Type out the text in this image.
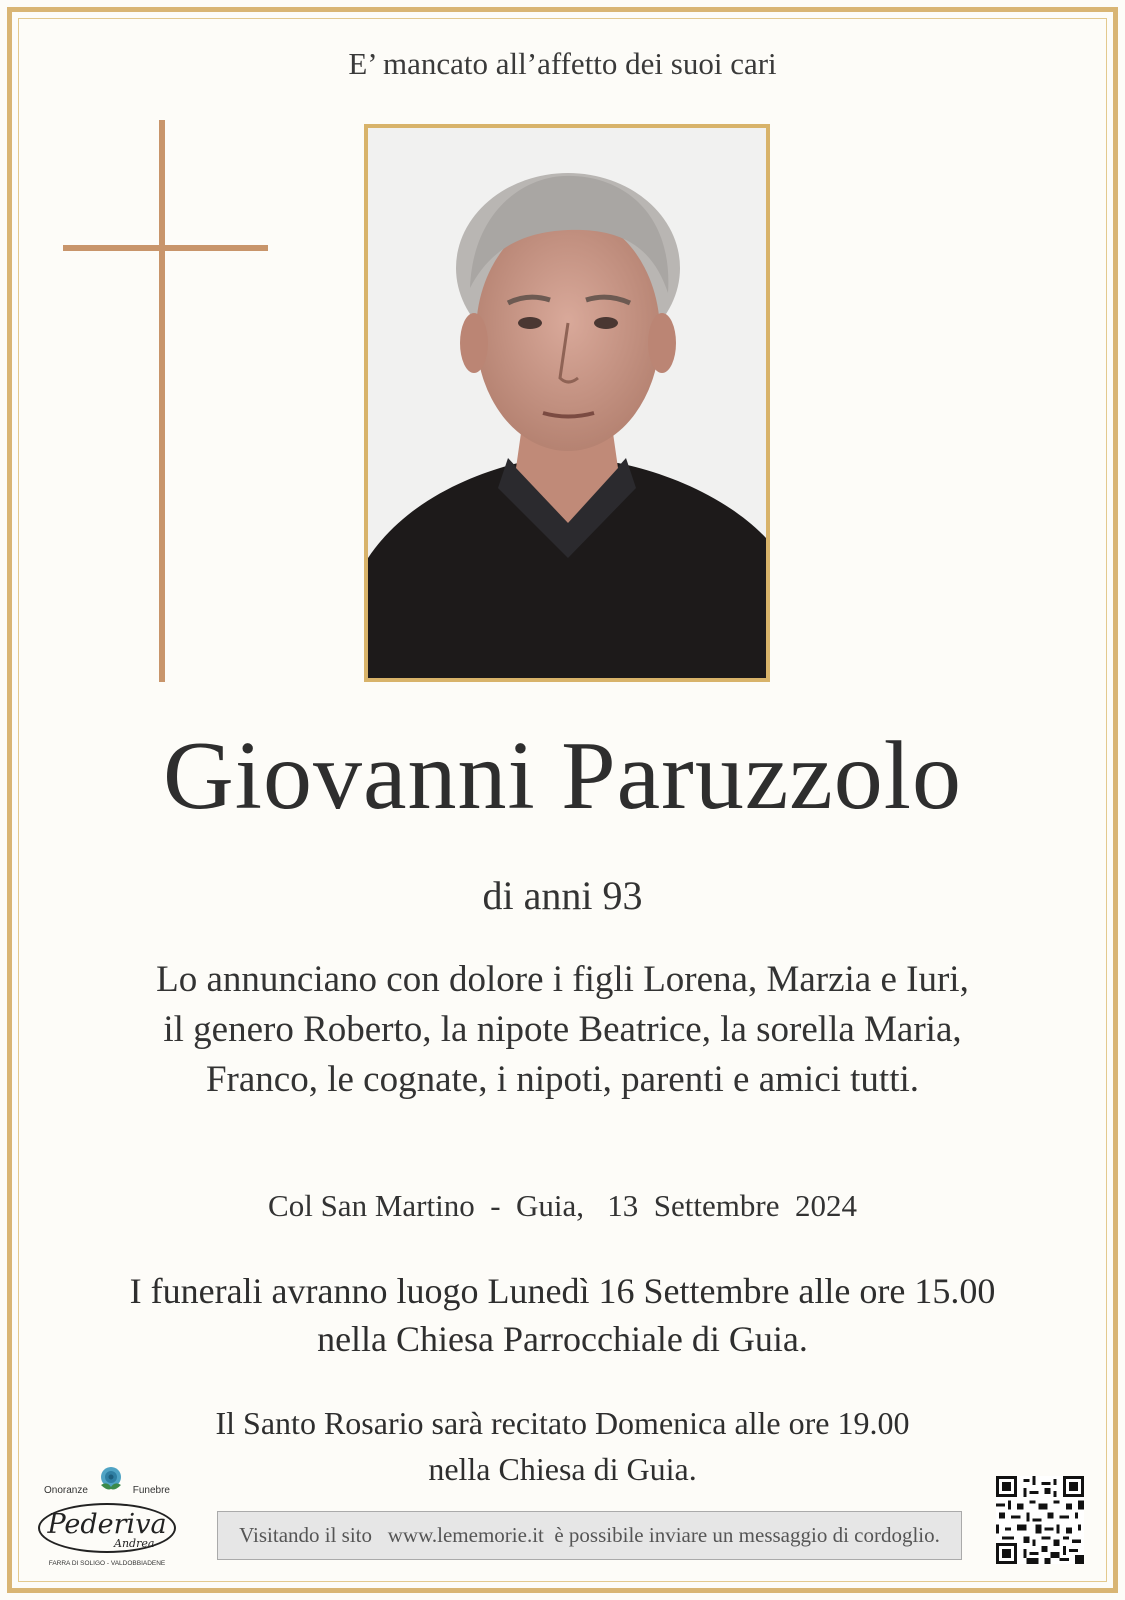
E’ mancato all’affetto dei suoi cari
Giovanni Paruzzolo
di anni 93
Lo annunciano con dolore i figli Lorena, Marzia e Iuri,
il genero Roberto, la nipote Beatrice, la sorella Maria,
Franco, le cognate, i nipoti, parenti e amici tutti.
Col San Martino  -  Guia,   13  Settembre  2024
I funerali avranno luogo Lunedì 16 Settembre alle ore 15.00
nella Chiesa Parrocchiale di Guia.
Il Santo Rosario sarà recitato Domenica alle ore 19.00
nella Chiesa di Guia.
Onoranze	Funebre
Pederiva
Andrea
FARRA DI SOLIGO - VALDOBBIADENE
Visitando il sito   www.lememorie.it  è possibile inviare un messaggio di cordoglio.
